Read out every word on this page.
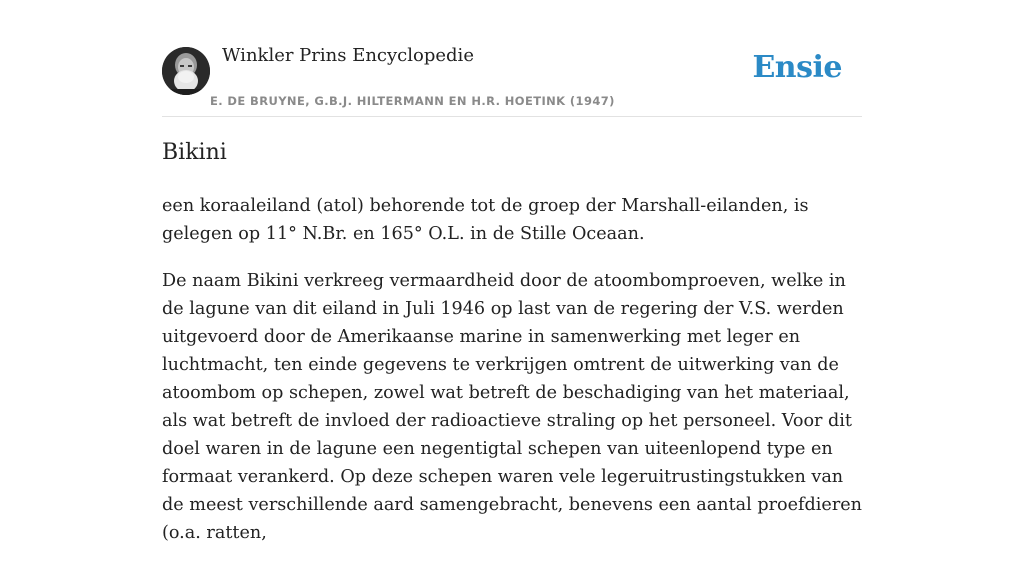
Winkler Prins Encyclopedie
E. DE BRUYNE, G.B.J. HILTERMANN EN H.R. HOETINK (1947)
Ensie
Bikini

een koraaleiland (atol) behorende tot de groep der Marshall-eilanden, is gelegen op 11° N.Br. en 165° O.L. in de Stille Oceaan.

De naam Bikini verkreeg vermaardheid door de atoombomproeven, welke in de lagune van dit eiland in Juli 1946 op last van de regering der V.S. werden uitgevoerd door de Amerikaanse marine in samenwerking met leger en luchtmacht, ten einde gegevens te verkrijgen omtrent de uitwerking van de atoombom op schepen, zowel wat betreft de beschadiging van het materiaal, als wat betreft de invloed der radioactieve straling op het personeel. Voor dit doel waren in de lagune een negentigtal schepen van uiteenlopend type en formaat verankerd. Op deze schepen waren vele legeruitrustingstukken van de meest verschillende aard samengebracht, benevens een aantal proefdieren (o.a. ratten,
